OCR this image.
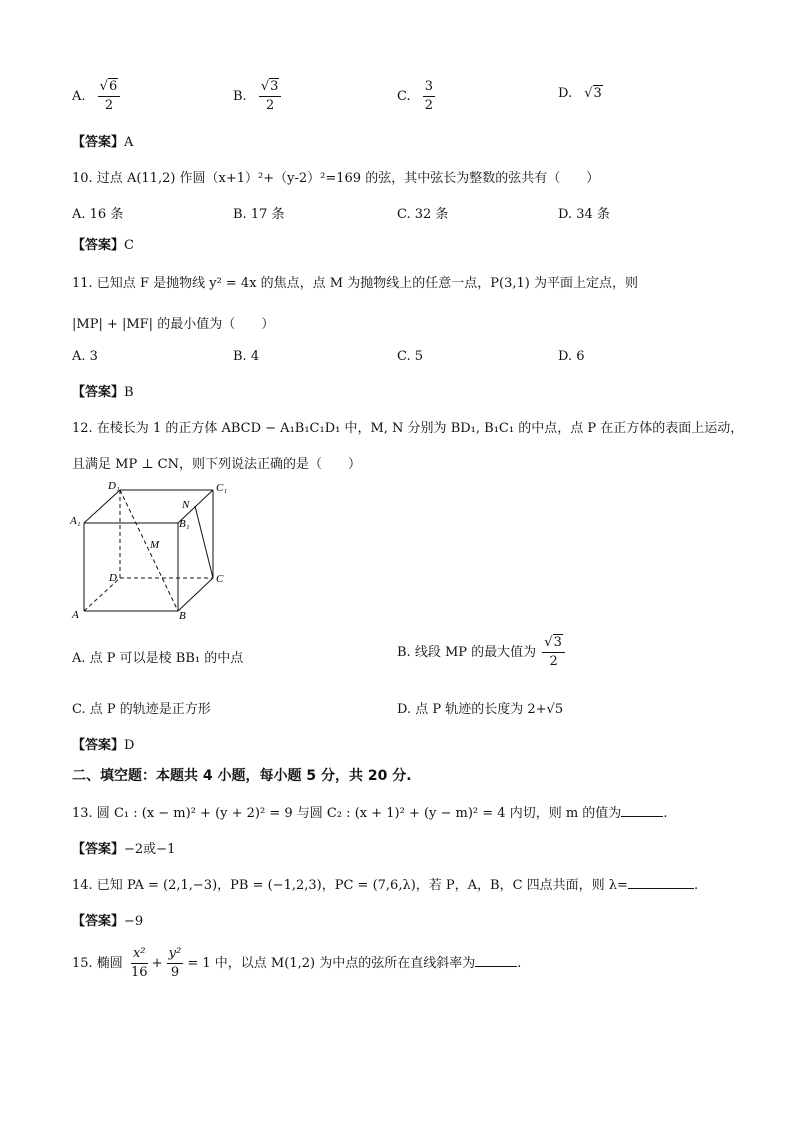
A. $\frac{√6}{2}$	B. $\frac{√3}{2}$	C. $\frac{3}{2}$	D. √3
【答案】A
10. 过点 A(11,2) 作圆（x+1）²+（y-2）²=169 的弦，其中弦长为整数的弦共有（　　）
A. 16 条	B. 17 条	C. 32 条	D. 34 条
【答案】C
11. 已知点 F 是抛物线 y² = 4x 的焦点，点 M 为抛物线上的任意一点，P(3,1) 为平面上定点，则
|MP| + |MF| 的最小值为（　　）
A. 3	B. 4	C. 5	D. 6
【答案】B
12. 在棱长为 1 的正方体 ABCD − A₁B₁C₁D₁ 中，M, N 分别为 BD₁, B₁C₁ 的中点，点 P 在正方体的表面上运动，
且满足 MP ⊥ CN，则下列说法正确的是（　　）
D₁	C₁
A₁	B₁
N
M
D	C
A	B
A. 点 P 可以是棱 BB₁ 的中点	B. 线段 MP 的最大值为 $\frac{√3}{2}$
C. 点 P 的轨迹是正方形	D. 点 P 轨迹的长度为 2+√5
【答案】D
二、填空题：本题共 4 小题，每小题 5 分，共 20 分.
13. 圆 C₁ : (x − m)² + (y + 2)² = 9 与圆 C₂ : (x + 1)² + (y − m)² = 4 内切，则 m 的值为	.
【答案】−2或−1
14. 已知 PA = (2,1,−3)，PB = (−1,2,3)，PC = (7,6,λ)，若 P，A，B，C 四点共面，则 λ=	.
【答案】−9
15. 椭圆 $\frac{\text{x²}}{16} + \frac{\text{y²}}{9} = 1$ 中，以点 M(1,2) 为中点的弦所在直线斜率为	.
